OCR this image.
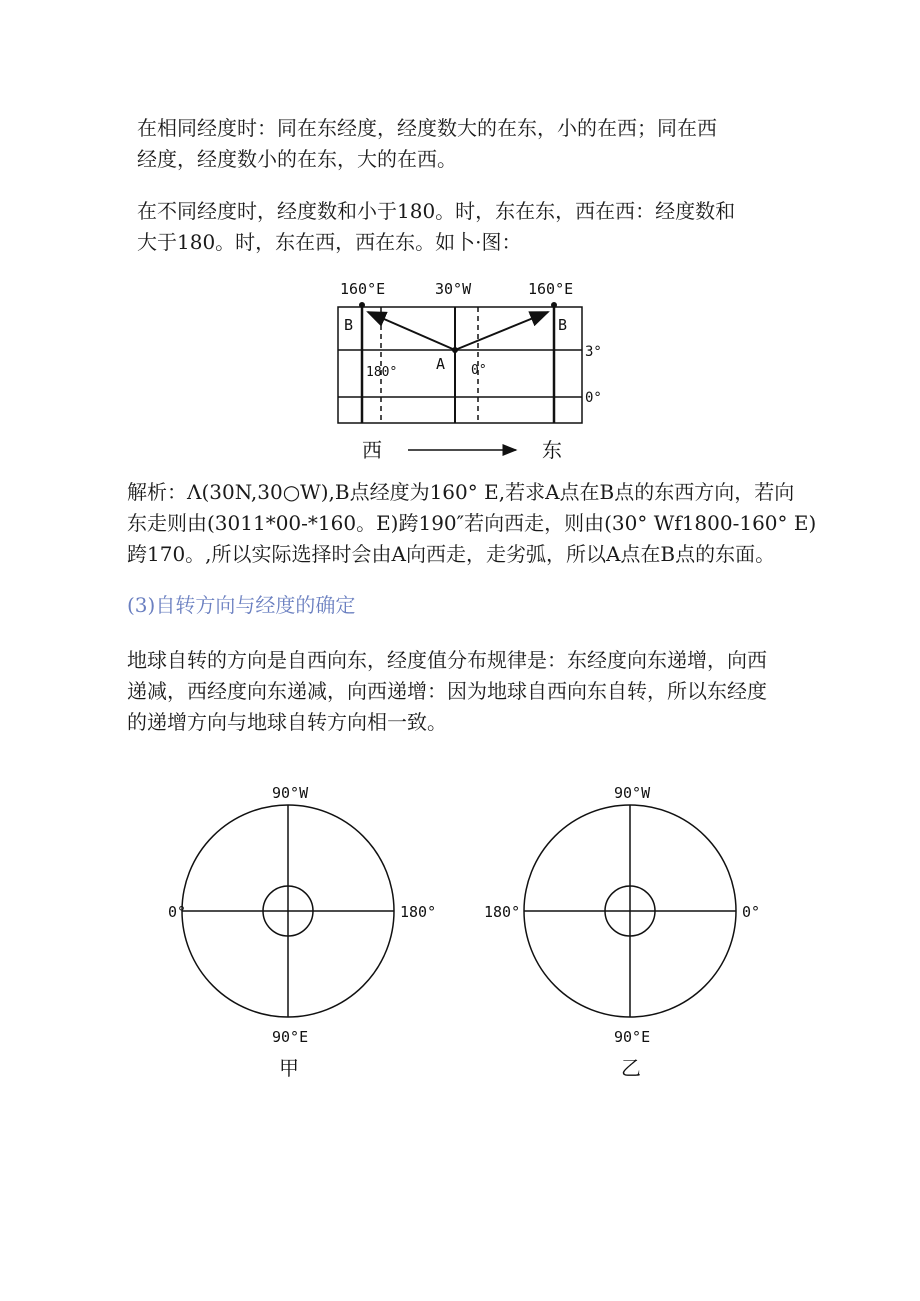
在相同经度时：同在东经度，经度数大的在东，小的在西；同在西

经度，经度数小的在东，大的在西。

在不同经度时，经度数和小于180。时，东在东，西在西：经度数和

大于180。时，东在西，西在东。如卜·图：

160°E	30°W	160°E
B	B
A
180°	0°
3°
0°
西	东

解析：Λ(30N,30○W),B点经度为160° E,若求A点在B点的东西方向，若向

东走则由(3011*00-*160。E)跨190″若向西走，则由(30° Wf1800-160° E)

跨170。,所以实际选择时会由A向西走，走劣弧，所以A点在B点的东面。

(3)自转方向与经度的确定

地球自转的方向是自西向东，经度值分布规律是：东经度向东递增，向西

递减，西经度向东递减，向西递增：因为地球自西向东自转，所以东经度

的递增方向与地球自转方向相一致。

90°W
0°	180°
90°E
甲
90°W
180°	0°
90°E
乙
